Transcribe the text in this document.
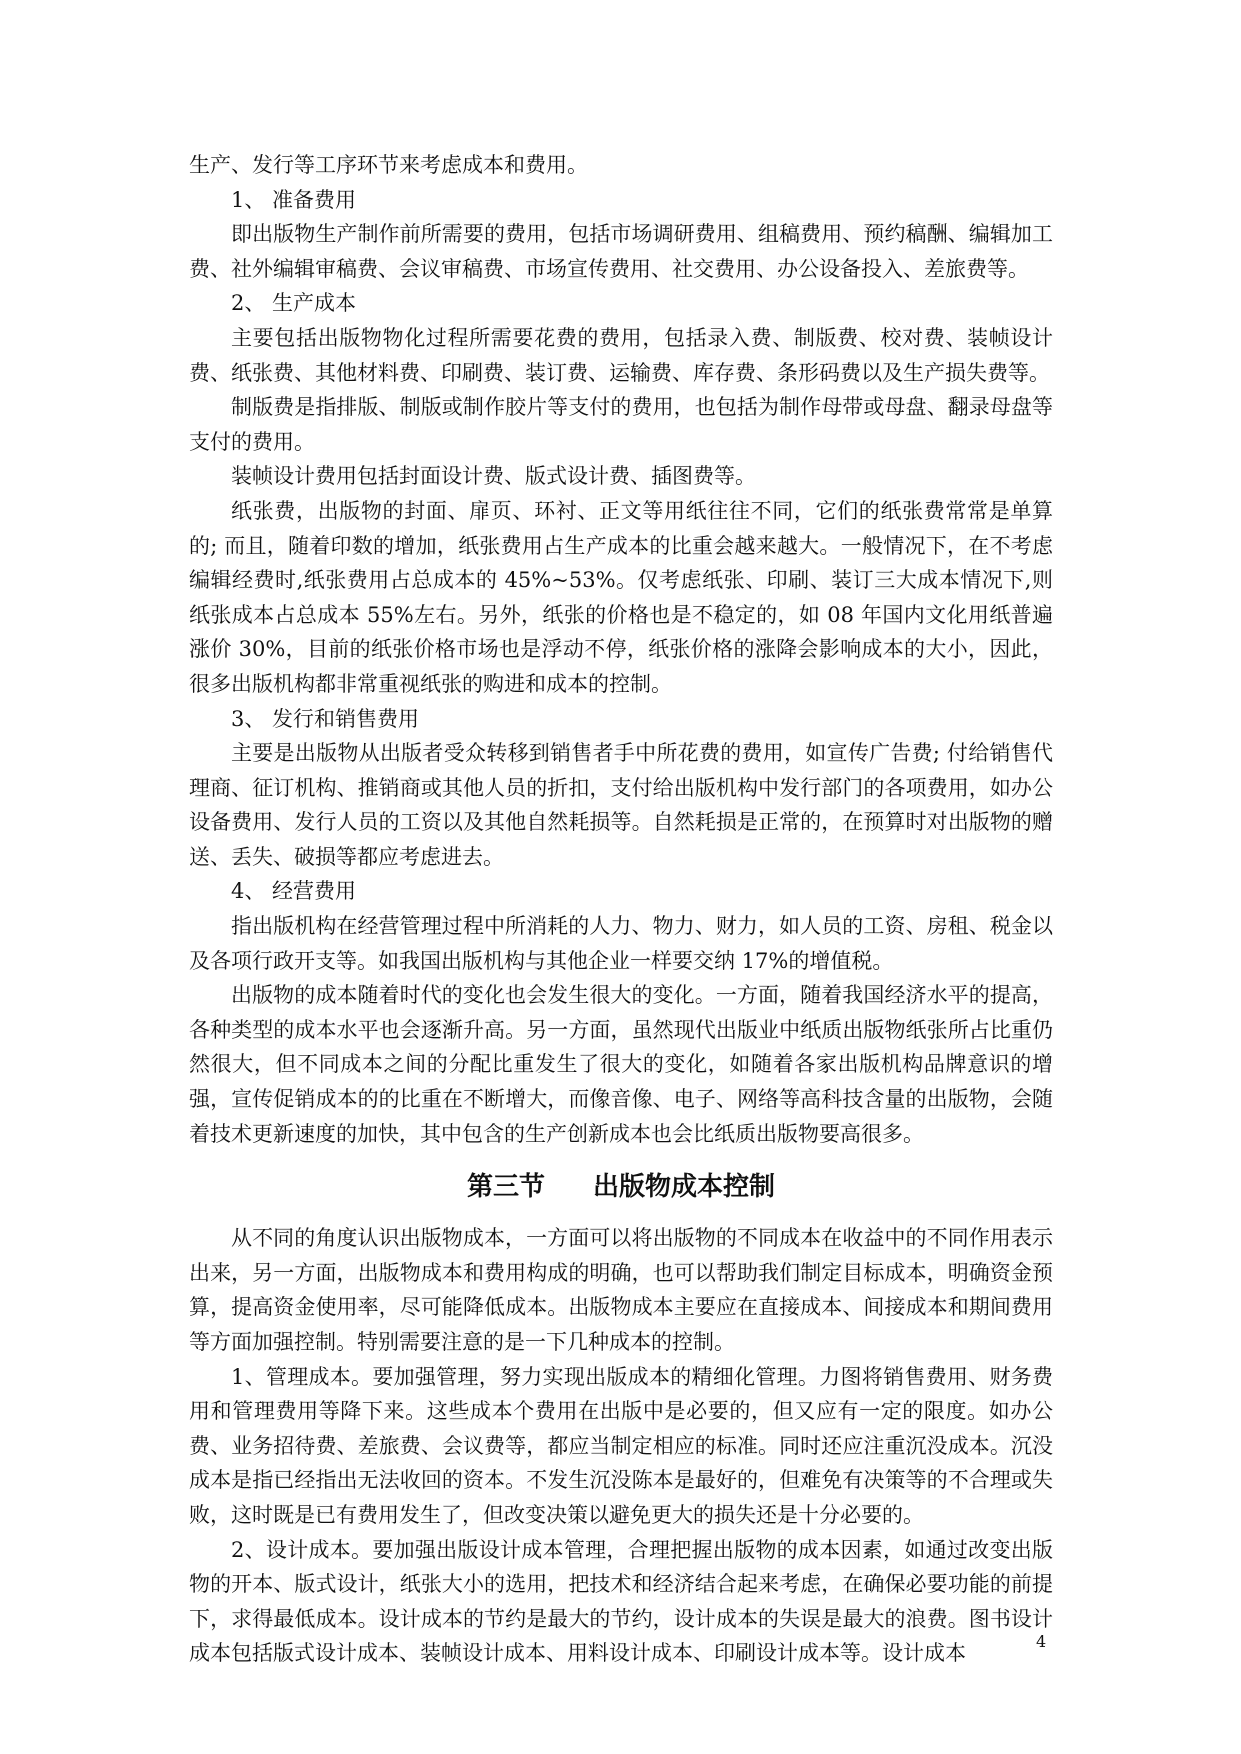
生产、发行等工序环节来考虑成本和费用。

1、 准备费用

即出版物生产制作前所需要的费用，包括市场调研费用、组稿费用、预约稿酬、编辑加工费、社外编辑审稿费、会议审稿费、市场宣传费用、社交费用、办公设备投入、差旅费等。

2、 生产成本

主要包括出版物物化过程所需要花费的费用，包括录入费、制版费、校对费、装帧设计费、纸张费、其他材料费、印刷费、装订费、运输费、库存费、条形码费以及生产损失费等。

制版费是指排版、制版或制作胶片等支付的费用，也包括为制作母带或母盘、翻录母盘等支付的费用。

装帧设计费用包括封面设计费、版式设计费、插图费等。

纸张费，出版物的封面、扉页、环衬、正文等用纸往往不同，它们的纸张费常常是单算的; 而且，随着印数的增加，纸张费用占生产成本的比重会越来越大。一般情况下，在不考虑编辑经费时,纸张费用占总成本的 45%~53%。仅考虑纸张、印刷、装订三大成本情况下,则纸张成本占总成本 55%左右。另外，纸张的价格也是不稳定的，如 08 年国内文化用纸普遍涨价 30%，目前的纸张价格市场也是浮动不停，纸张价格的涨降会影响成本的大小，因此，很多出版机构都非常重视纸张的购进和成本的控制。

3、 发行和销售费用

主要是出版物从出版者受众转移到销售者手中所花费的费用，如宣传广告费; 付给销售代理商、征订机构、推销商或其他人员的折扣，支付给出版机构中发行部门的各项费用，如办公设备费用、发行人员的工资以及其他自然耗损等。自然耗损是正常的，在预算时对出版物的赠送、丢失、破损等都应考虑进去。

4、 经营费用

指出版机构在经营管理过程中所消耗的人力、物力、财力，如人员的工资、房租、税金以及各项行政开支等。如我国出版机构与其他企业一样要交纳 17%的增值税。

出版物的成本随着时代的变化也会发生很大的变化。一方面，随着我国经济水平的提高，各种类型的成本水平也会逐渐升高。另一方面，虽然现代出版业中纸质出版物纸张所占比重仍然很大，但不同成本之间的分配比重发生了很大的变化，如随着各家出版机构品牌意识的增强，宣传促销成本的的比重在不断增大，而像音像、电子、网络等高科技含量的出版物，会随着技术更新速度的加快，其中包含的生产创新成本也会比纸质出版物要高很多。

第三节 出版物成本控制

从不同的角度认识出版物成本，一方面可以将出版物的不同成本在收益中的不同作用表示出来，另一方面，出版物成本和费用构成的明确，也可以帮助我们制定目标成本，明确资金预算，提高资金使用率，尽可能降低成本。出版物成本主要应在直接成本、间接成本和期间费用等方面加强控制。特别需要注意的是一下几种成本的控制。

1、管理成本。要加强管理，努力实现出版成本的精细化管理。力图将销售费用、财务费用和管理费用等降下来。这些成本个费用在出版中是必要的，但又应有一定的限度。如办公费、业务招待费、差旅费、会议费等，都应当制定相应的标准。同时还应注重沉没成本。沉没成本是指已经指出无法收回的资本。不发生沉没陈本是最好的，但难免有决策等的不合理或失败，这时既是已有费用发生了，但改变决策以避免更大的损失还是十分必要的。

2、设计成本。要加强出版设计成本管理，合理把握出版物的成本因素，如通过改变出版物的开本、版式设计，纸张大小的选用，把技术和经济结合起来考虑，在确保必要功能的前提下，求得最低成本。设计成本的节约是最大的节约，设计成本的失误是最大的浪费。图书设计成本包括版式设计成本、装帧设计成本、用料设计成本、印刷设计成本等。设计成本	4
